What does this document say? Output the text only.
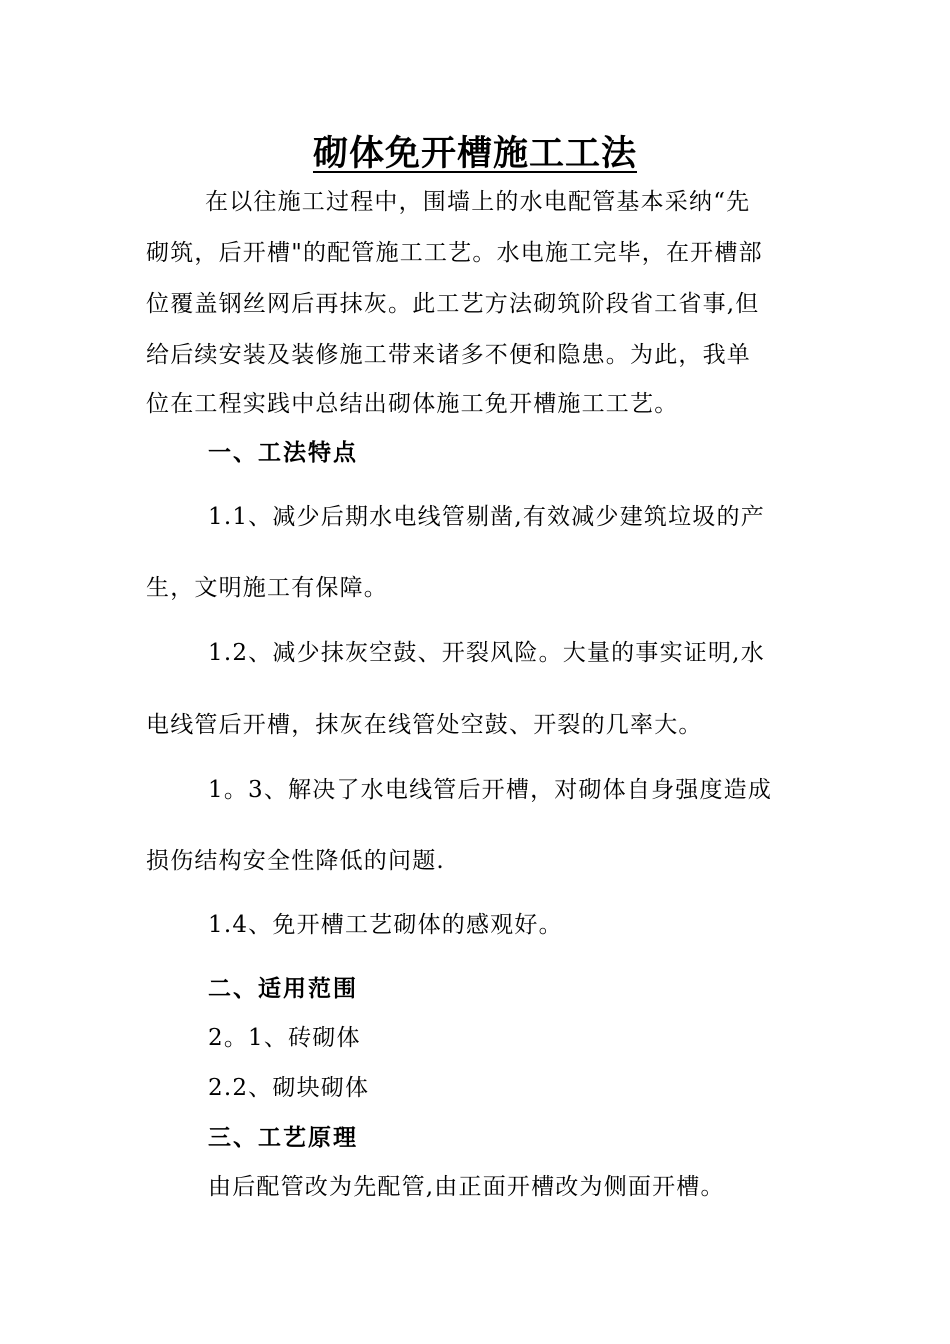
砌体免开槽施工工法
在以往施工过程中，围墙上的水电配管基本采纳“先
砌筑，后开槽"的配管施工工艺。水电施工完毕，在开槽部
位覆盖钢丝网后再抹灰。此工艺方法砌筑阶段省工省事,但
给后续安装及装修施工带来诸多不便和隐患。为此，我单
位在工程实践中总结出砌体施工免开槽施工工艺。
一、工法特点
1.1、减少后期水电线管剔凿,有效减少建筑垃圾的产
生，文明施工有保障。
1.2、减少抹灰空鼓、开裂风险。大量的事实证明,水
电线管后开槽，抹灰在线管处空鼓、开裂的几率大。
1。3、解决了水电线管后开槽，对砌体自身强度造成
损伤结构安全性降低的问题.
1.4、免开槽工艺砌体的感观好。
二、适用范围
2。1、砖砌体
2.2、砌块砌体
三、工艺原理
由后配管改为先配管,由正面开槽改为侧面开槽。
